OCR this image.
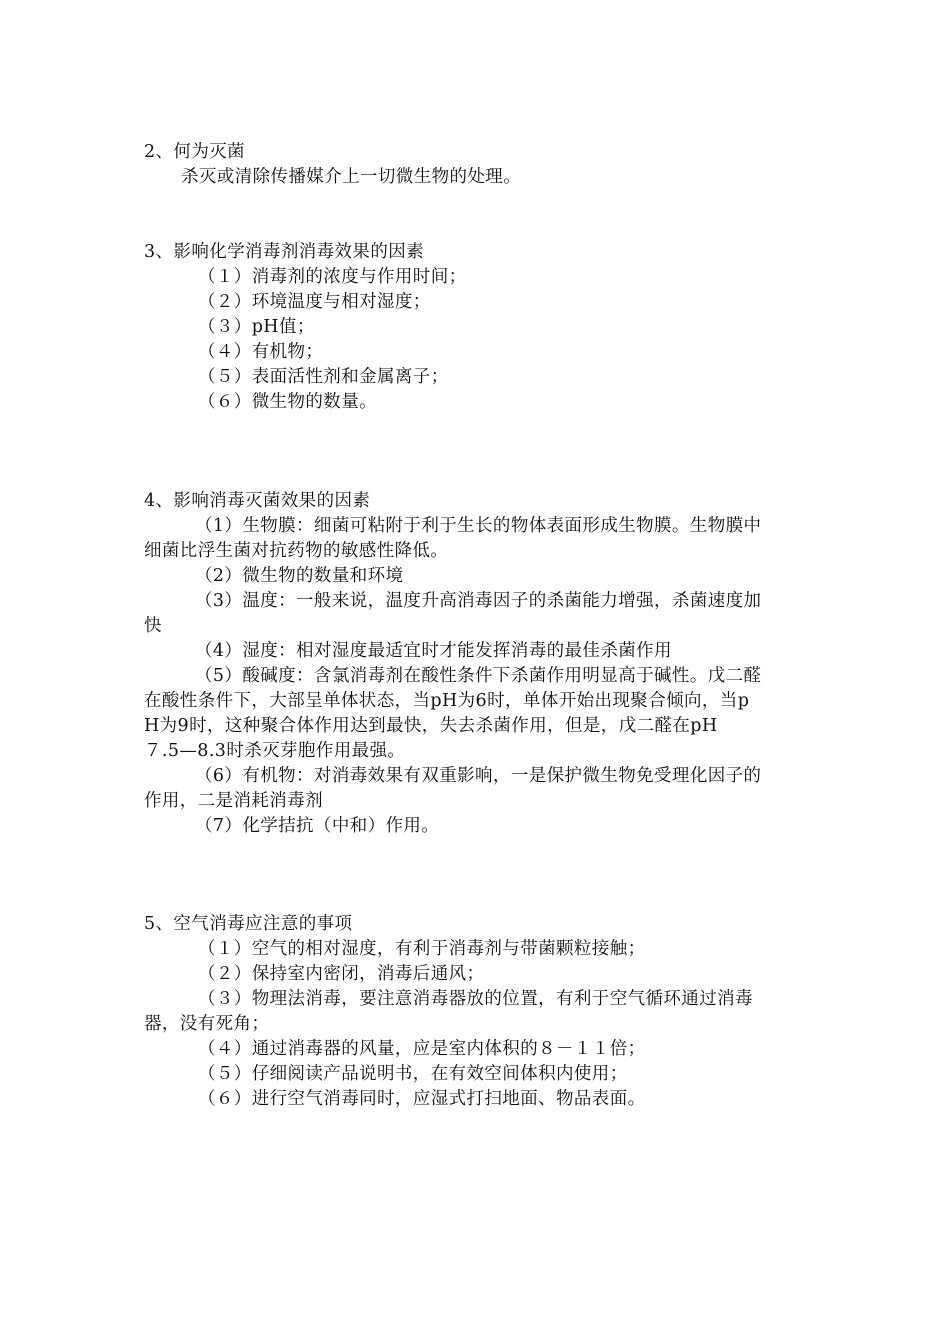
2、何为灭菌
杀灭或清除传播媒介上一切微生物的处理。
3、影响化学消毒剂消毒效果的因素
（１）消毒剂的浓度与作用时间；
（２）环境温度与相对湿度；
（３）pH值；
（４）有机物；
（５）表面活性剂和金属离子；
（６）微生物的数量。
4、影响消毒灭菌效果的因素
（1）生物膜：细菌可粘附于利于生长的物体表面形成生物膜。生物膜中
细菌比浮生菌对抗药物的敏感性降低。
（2）微生物的数量和环境
（3）温度：一般来说，温度升高消毒因子的杀菌能力增强，杀菌速度加
快
（4）湿度：相对湿度最适宜时才能发挥消毒的最佳杀菌作用
（5）酸碱度：含氯消毒剂在酸性条件下杀菌作用明显高于碱性。戊二醛
在酸性条件下，大部呈单体状态，当pH为6时，单体开始出现聚合倾向，当p
H为9时，这种聚合体作用达到最快，失去杀菌作用，但是，戊二醛在pH
７.5—8.3时杀灭芽胞作用最强。
（6）有机物：对消毒效果有双重影响，一是保护微生物免受理化因子的
作用，二是消耗消毒剂
（7）化学拮抗（中和）作用。
5、空气消毒应注意的事项
（１）空气的相对湿度，有利于消毒剂与带菌颗粒接触；
（２）保持室内密闭，消毒后通风；
（３）物理法消毒，要注意消毒器放的位置，有利于空气循环通过消毒
器，没有死角；
（４）通过消毒器的风量，应是室内体积的８－１１倍；
（５）仔细阅读产品说明书，在有效空间体积内使用；
（６）进行空气消毒同时，应湿式打扫地面、物品表面。
